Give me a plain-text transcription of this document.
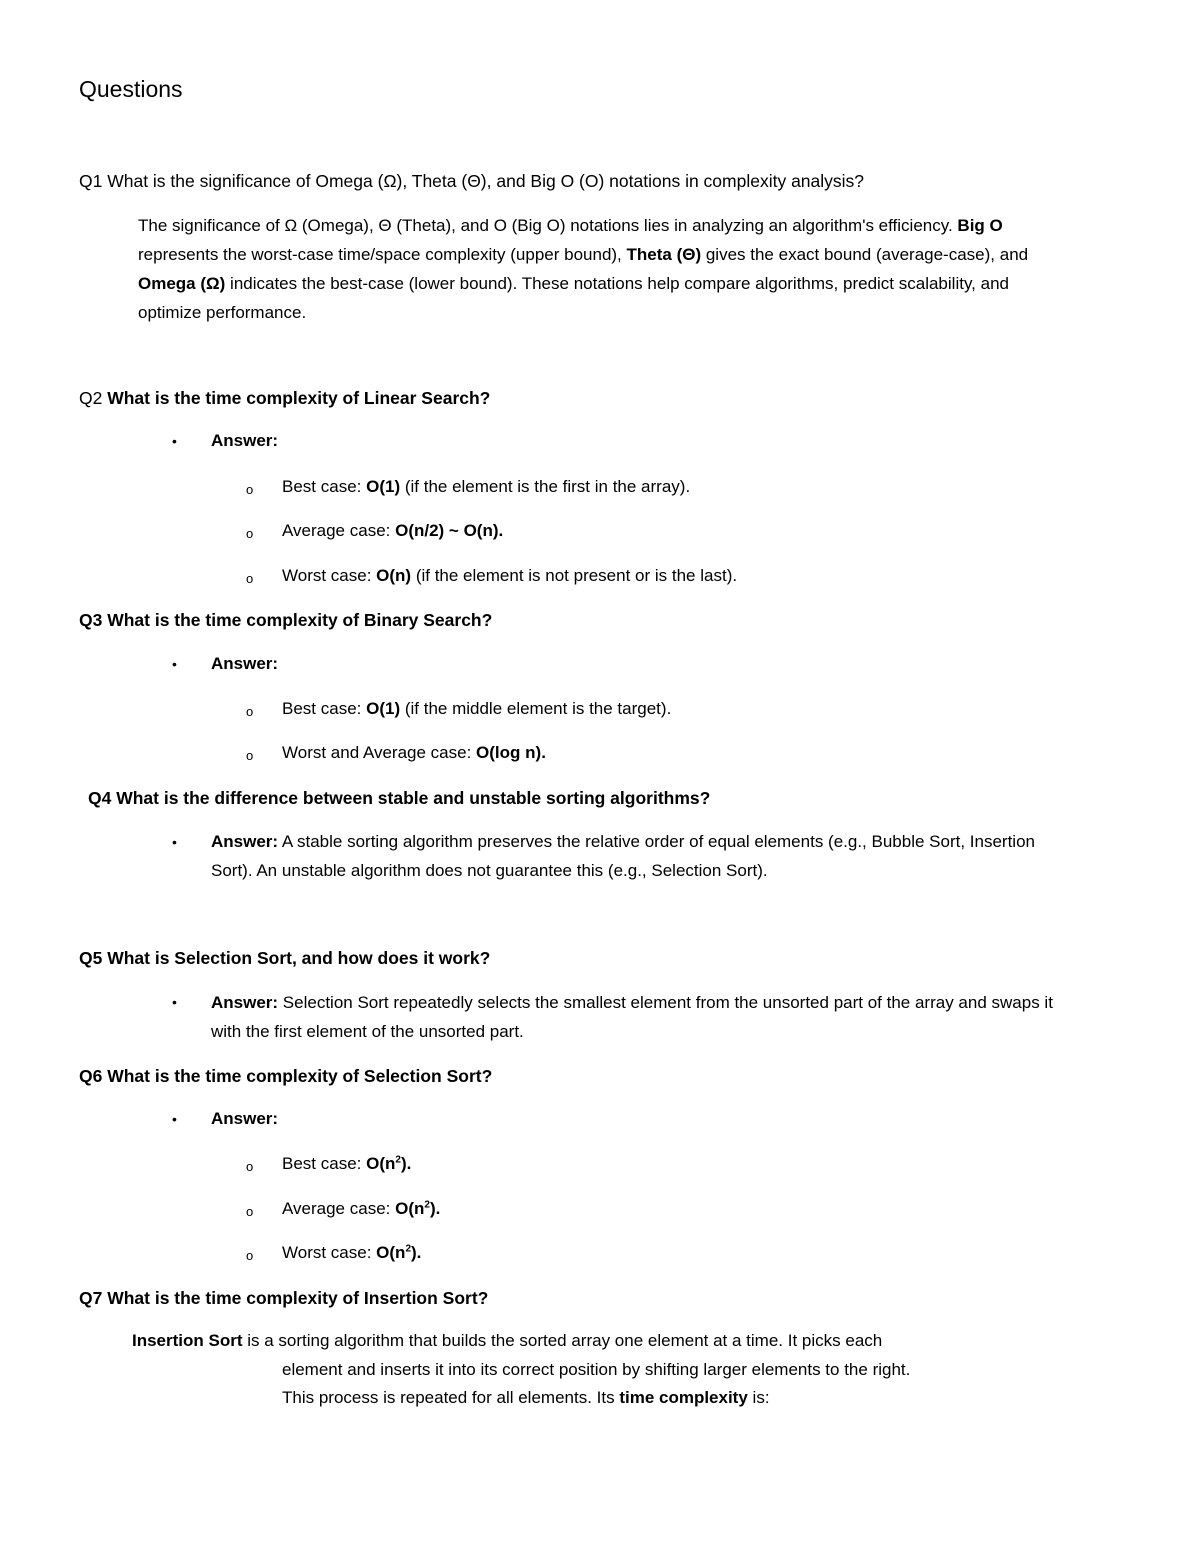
Questions
Q1 What is the significance of Omega (Ω), Theta (Θ), and Big O (O) notations in complexity analysis?
The significance of Ω (Omega), Θ (Theta), and O (Big O) notations lies in analyzing an algorithm's efficiency. Big O represents the worst-case time/space complexity (upper bound), Theta (Θ) gives the exact bound (average-case), and Omega (Ω) indicates the best-case (lower bound). These notations help compare algorithms, predict scalability, and optimize performance.
Q2 What is the time complexity of Linear Search?
• Answer:
o Best case: O(1) (if the element is the first in the array).
o Average case: O(n/2) ~ O(n).
o Worst case: O(n) (if the element is not present or is the last).
Q3 What is the time complexity of Binary Search?
• Answer:
o Best case: O(1) (if the middle element is the target).
o Worst and Average case: O(log n).
Q4 What is the difference between stable and unstable sorting algorithms?
• Answer: A stable sorting algorithm preserves the relative order of equal elements (e.g., Bubble Sort, Insertion Sort). An unstable algorithm does not guarantee this (e.g., Selection Sort).
Q5 What is Selection Sort, and how does it work?
• Answer: Selection Sort repeatedly selects the smallest element from the unsorted part of the array and swaps it with the first element of the unsorted part.
Q6 What is the time complexity of Selection Sort?
• Answer:
o Best case: $O(n^2)$.
o Average case: $O(n^2)$.
o Worst case: $O(n^2)$.
Q7 What is the time complexity of Insertion Sort?
Insertion Sort is a sorting algorithm that builds the sorted array one element at a time. It picks each
element and inserts it into its correct position by shifting larger elements to the right.
This process is repeated for all elements. Its time complexity is:
